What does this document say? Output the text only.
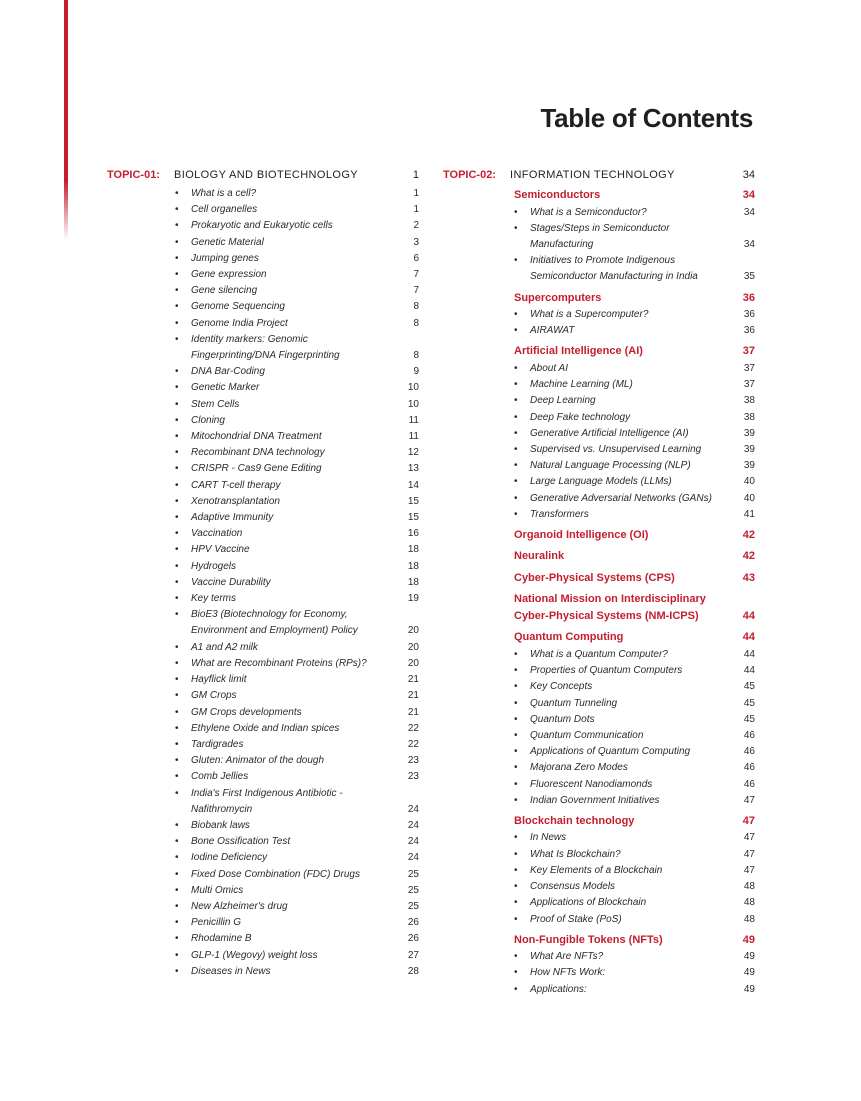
Table of Contents
TOPIC-01:	BIOLOGY AND BIOTECHNOLOGY	1
• What is a cell?	1
• Cell organelles	1
• Prokaryotic and Eukaryotic cells	2
• Genetic Material	3
• Jumping genes	6
• Gene expression	7
• Gene silencing	7
• Genome Sequencing	8
• Genome India Project	8
• Identity markers: Genomic Fingerprinting/DNA Fingerprinting	8
• DNA Bar-Coding	9
• Genetic Marker	10
• Stem Cells	10
• Cloning	11
• Mitochondrial DNA Treatment	11
• Recombinant DNA technology	12
• CRISPR - Cas9 Gene Editing	13
• CART T-cell therapy	14
• Xenotransplantation	15
• Adaptive Immunity	15
• Vaccination	16
• HPV Vaccine	18
• Hydrogels	18
• Vaccine Durability	18
• Key terms	19
• BioE3 (Biotechnology for Economy, Environment and Employment) Policy	20
• A1 and A2 milk	20
• What are Recombinant Proteins (RPs)?	20
• Hayflick limit	21
• GM Crops	21
• GM Crops developments	21
• Ethylene Oxide and Indian spices	22
• Tardigrades	22
• Gluten: Animator of the dough	23
• Comb Jellies	23
• India's First Indigenous Antibiotic - Nafithromycin	24
• Biobank laws	24
• Bone Ossification Test	24
• Iodine Deficiency	24
• Fixed Dose Combination (FDC) Drugs	25
• Multi Omics	25
• New Alzheimer's drug	25
• Penicillin G	26
• Rhodamine B	26
• GLP-1 (Wegovy) weight loss	27
• Diseases in News	28
TOPIC-02:	INFORMATION TECHNOLOGY	34
Semiconductors	34
• What is a Semiconductor?	34
• Stages/Steps in Semiconductor Manufacturing	34
• Initiatives to Promote Indigenous Semiconductor Manufacturing in India	35
Supercomputers	36
• What is a Supercomputer?	36
• AIRAWAT	36
Artificial Intelligence (AI)	37
• About AI	37
• Machine Learning (ML)	37
• Deep Learning	38
• Deep Fake technology	38
• Generative Artificial Intelligence (AI)	39
• Supervised vs. Unsupervised Learning	39
• Natural Language Processing (NLP)	39
• Large Language Models (LLMs)	40
• Generative Adversarial Networks (GANs)	40
• Transformers	41
Organoid Intelligence (OI)	42
Neuralink	42
Cyber-Physical Systems (CPS)	43
National Mission on Interdisciplinary Cyber-Physical Systems (NM-ICPS)	44
Quantum Computing	44
• What is a Quantum Computer?	44
• Properties of Quantum Computers	44
• Key Concepts	45
• Quantum Tunneling	45
• Quantum Dots	45
• Quantum Communication	46
• Applications of Quantum Computing	46
• Majorana Zero Modes	46
• Fluorescent Nanodiamonds	46
• Indian Government Initiatives	47
Blockchain technology	47
• In News	47
• What Is Blockchain?	47
• Key Elements of a Blockchain	47
• Consensus Models	48
• Applications of Blockchain	48
• Proof of Stake (PoS)	48
Non-Fungible Tokens (NFTs)	49
• What Are NFTs?	49
• How NFTs Work:	49
• Applications:	49
